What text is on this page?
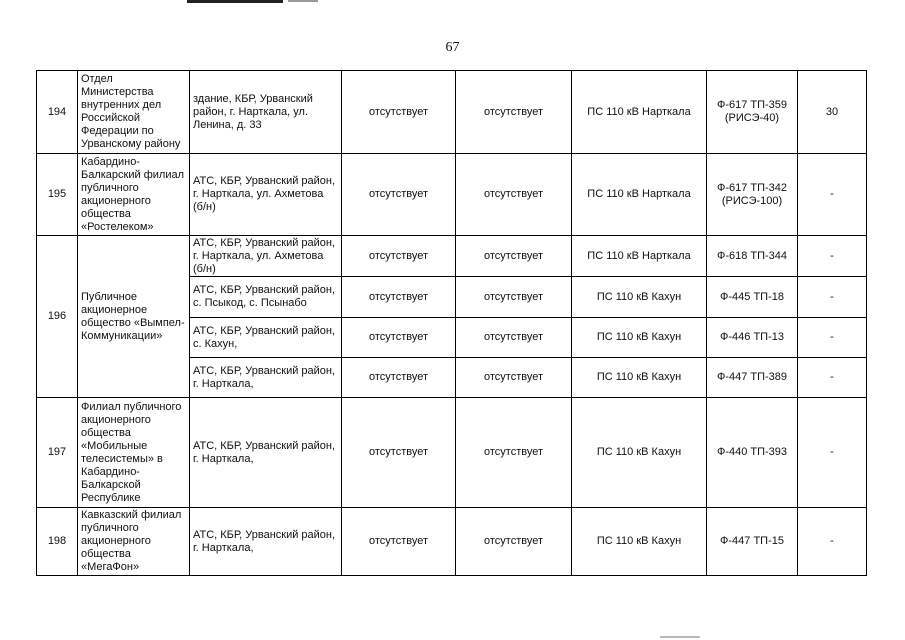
67
194	Отдел Министерства внутренних дел Российской Федерации по Урванскому району	здание, КБР, Урванский район, г. Нарткала, ул. Ленина, д. 33	отсутствует	отсутствует	ПС 110 кВ Нарткала	Ф-617 ТП-359 (РИСЭ-40)	30
195	Кабардино-Балкарский филиал публичного акционерного общества «Ростелеком»	АТС, КБР, Урванский район, г. Нарткала, ул. Ахметова (б/н)	отсутствует	отсутствует	ПС 110 кВ Нарткала	Ф-617 ТП-342 (РИСЭ-100)	-
196	Публичное акционерное общество «Вымпел-Коммуникации»	АТС, КБР, Урванский район, г. Нарткала, ул. Ахметова (б/н)	отсутствует	отсутствует	ПС 110 кВ Нарткала	Ф-618 ТП-344	-
		АТС, КБР, Урванский район, с. Псыкод, с. Псынабо	отсутствует	отсутствует	ПС 110 кВ Кахун	Ф-445 ТП-18	-
		АТС, КБР, Урванский район, с. Кахун,	отсутствует	отсутствует	ПС 110 кВ Кахун	Ф-446 ТП-13	-
		АТС, КБР, Урванский район, г. Нарткала,	отсутствует	отсутствует	ПС 110 кВ Кахун	Ф-447 ТП-389	-
197	Филиал публичного акционерного общества «Мобильные телесистемы» в Кабардино-Балкарской Республике	АТС, КБР, Урванский район, г. Нарткала,	отсутствует	отсутствует	ПС 110 кВ Кахун	Ф-440 ТП-393	-
198	Кавказский филиал публичного акционерного общества «МегаФон»	АТС, КБР, Урванский район, г. Нарткала,	отсутствует	отсутствует	ПС 110 кВ Кахун	Ф-447 ТП-15	-
